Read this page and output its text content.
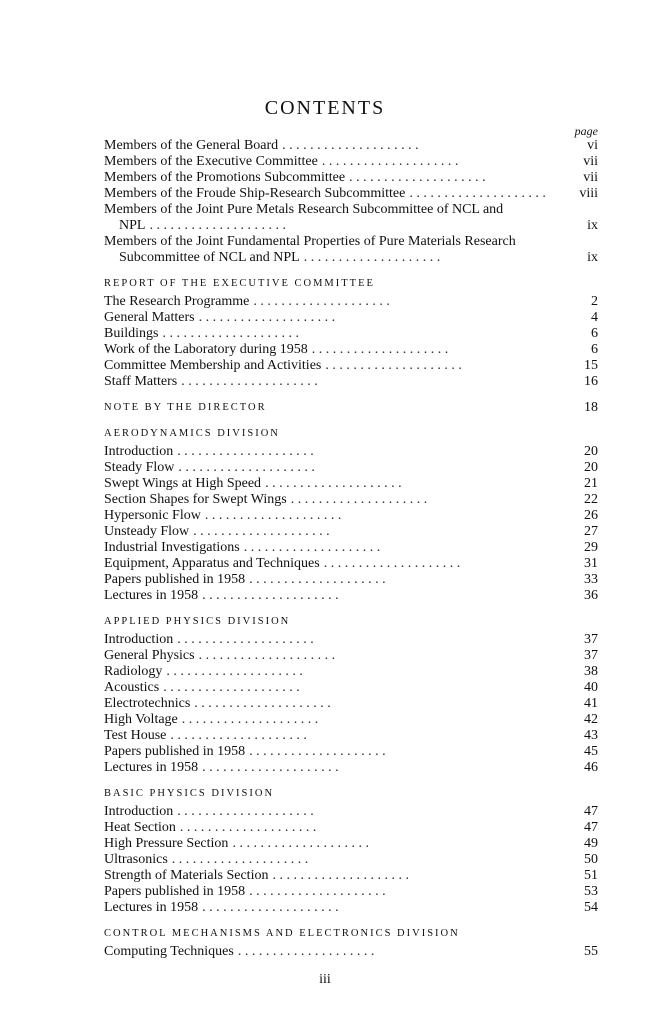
CONTENTS
page
Members of the General Board . . . . . . . . . . . . . . . . . . . .	vi
Members of the Executive Committee . . . . . . . . . . . . . . . . . . . .	vii
Members of the Promotions Subcommittee . . . . . . . . . . . . . . . . . . . .	vii
Members of the Froude Ship-Research Subcommittee . . . . . . . . . . . . . . . . . . . .	viii
Members of the Joint Pure Metals Research Subcommittee of NCL and
NPL . . . . . . . . . . . . . . . . . . . .	ix
Members of the Joint Fundamental Properties of Pure Materials Research
Subcommittee of NCL and NPL . . . . . . . . . . . . . . . . . . . .	ix
REPORT OF THE EXECUTIVE COMMITTEE
The Research Programme . . . . . . . . . . . . . . . . . . . .	2
General Matters . . . . . . . . . . . . . . . . . . . .	4
Buildings . . . . . . . . . . . . . . . . . . . .	6
Work of the Laboratory during 1958 . . . . . . . . . . . . . . . . . . . .	6
Committee Membership and Activities . . . . . . . . . . . . . . . . . . . .	15
Staff Matters . . . . . . . . . . . . . . . . . . . .	16
NOTE BY THE DIRECTOR	18
AERODYNAMICS DIVISION
Introduction . . . . . . . . . . . . . . . . . . . .	20
Steady Flow . . . . . . . . . . . . . . . . . . . .	20
Swept Wings at High Speed . . . . . . . . . . . . . . . . . . . .	21
Section Shapes for Swept Wings . . . . . . . . . . . . . . . . . . . .	22
Hypersonic Flow . . . . . . . . . . . . . . . . . . . .	26
Unsteady Flow . . . . . . . . . . . . . . . . . . . .	27
Industrial Investigations . . . . . . . . . . . . . . . . . . . .	29
Equipment, Apparatus and Techniques . . . . . . . . . . . . . . . . . . . .	31
Papers published in 1958 . . . . . . . . . . . . . . . . . . . .	33
Lectures in 1958 . . . . . . . . . . . . . . . . . . . .	36
APPLIED PHYSICS DIVISION
Introduction . . . . . . . . . . . . . . . . . . . .	37
General Physics . . . . . . . . . . . . . . . . . . . .	37
Radiology . . . . . . . . . . . . . . . . . . . .	38
Acoustics . . . . . . . . . . . . . . . . . . . .	40
Electrotechnics . . . . . . . . . . . . . . . . . . . .	41
High Voltage . . . . . . . . . . . . . . . . . . . .	42
Test House . . . . . . . . . . . . . . . . . . . .	43
Papers published in 1958 . . . . . . . . . . . . . . . . . . . .	45
Lectures in 1958 . . . . . . . . . . . . . . . . . . . .	46
BASIC PHYSICS DIVISION
Introduction . . . . . . . . . . . . . . . . . . . .	47
Heat Section . . . . . . . . . . . . . . . . . . . .	47
High Pressure Section . . . . . . . . . . . . . . . . . . . .	49
Ultrasonics . . . . . . . . . . . . . . . . . . . .	50
Strength of Materials Section . . . . . . . . . . . . . . . . . . . .	51
Papers published in 1958 . . . . . . . . . . . . . . . . . . . .	53
Lectures in 1958 . . . . . . . . . . . . . . . . . . . .	54
CONTROL MECHANISMS AND ELECTRONICS DIVISION
Computing Techniques . . . . . . . . . . . . . . . . . . . .	55
iii
